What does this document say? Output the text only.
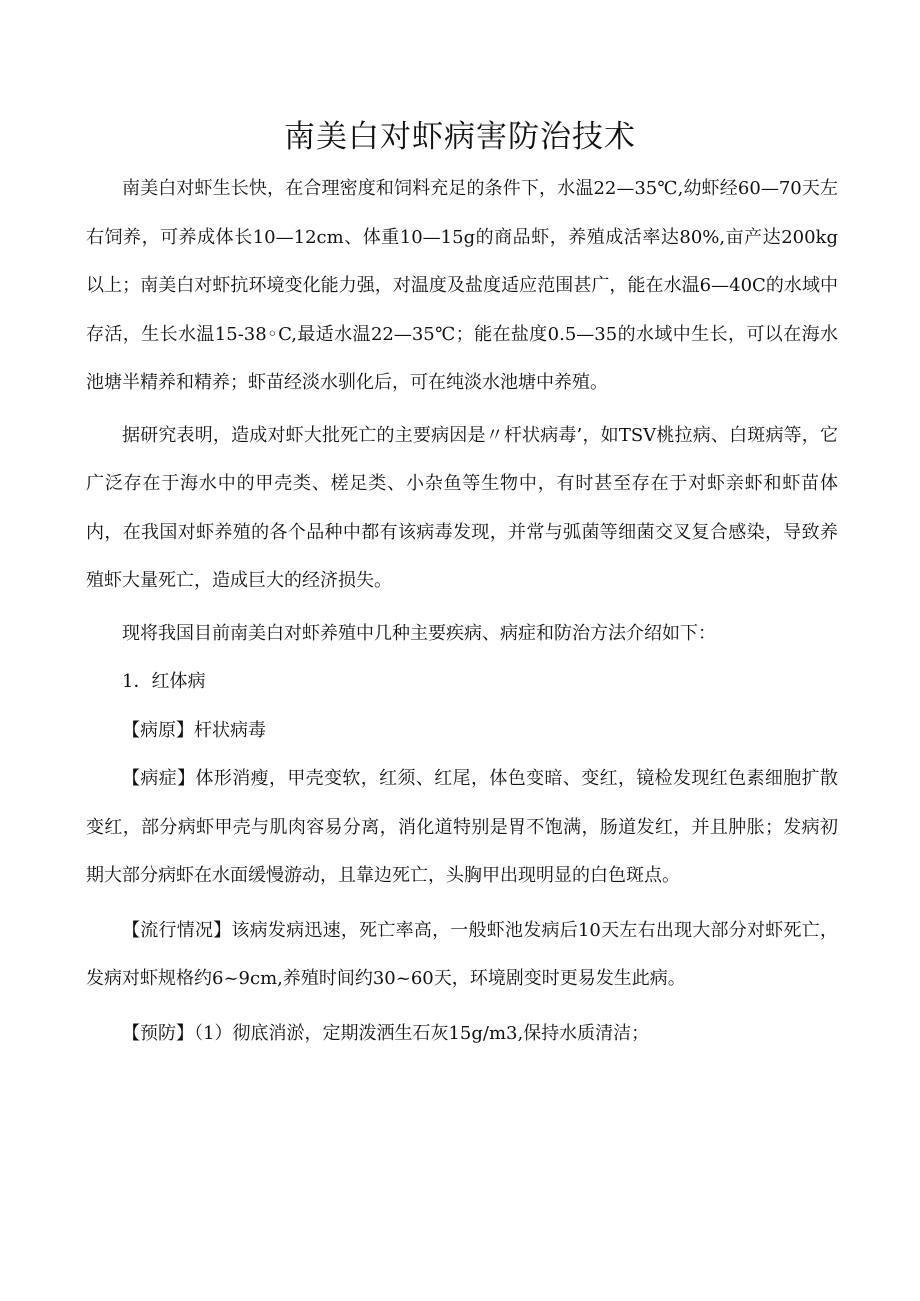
南美白对虾病害防治技术

南美白对虾生长快，在合理密度和饲料充足的条件下，水温22—35℃,幼虾经60—70天左右饲养，可养成体长10—12cm、体重10—15g的商品虾，养殖成活率达80%,亩产达200kg以上；南美白对虾抗环境变化能力强，对温度及盐度适应范围甚广，能在水温6—40C的水域中存活，生长水温15-38◦C,最适水温22—35℃；能在盐度0.5—35的水域中生长，可以在海水池塘半精养和精养；虾苗经淡水驯化后，可在纯淡水池塘中养殖。

据研究表明，造成对虾大批死亡的主要病因是〃杆状病毒’，如TSV桃拉病、白斑病等，它广泛存在于海水中的甲壳类、槎足类、小杂鱼等生物中，有时甚至存在于对虾亲虾和虾苗体内，在我国对虾养殖的各个品种中都有该病毒发现，并常与弧菌等细菌交叉复合感染，导致养殖虾大量死亡，造成巨大的经济损失。

现将我国目前南美白对虾养殖中几种主要疾病、病症和防治方法介绍如下：

1．红体病

【病原】杆状病毒

【病症】体形消瘦，甲壳变软，红须、红尾，体色变暗、变红，镜检发现红色素细胞扩散变红，部分病虾甲壳与肌肉容易分离，消化道特别是胃不饱满，肠道发红，并且肿胀；发病初期大部分病虾在水面缓慢游动，且靠边死亡，头胸甲出现明显的白色斑点。

【流行情况】该病发病迅速，死亡率高，一般虾池发病后10天左右出现大部分对虾死亡，发病对虾规格约6~9cm,养殖时间约30~60天，环境剧变时更易发生此病。

【预防】（1）彻底消淤，定期泼洒生石灰15g/m3,保持水质清洁；
